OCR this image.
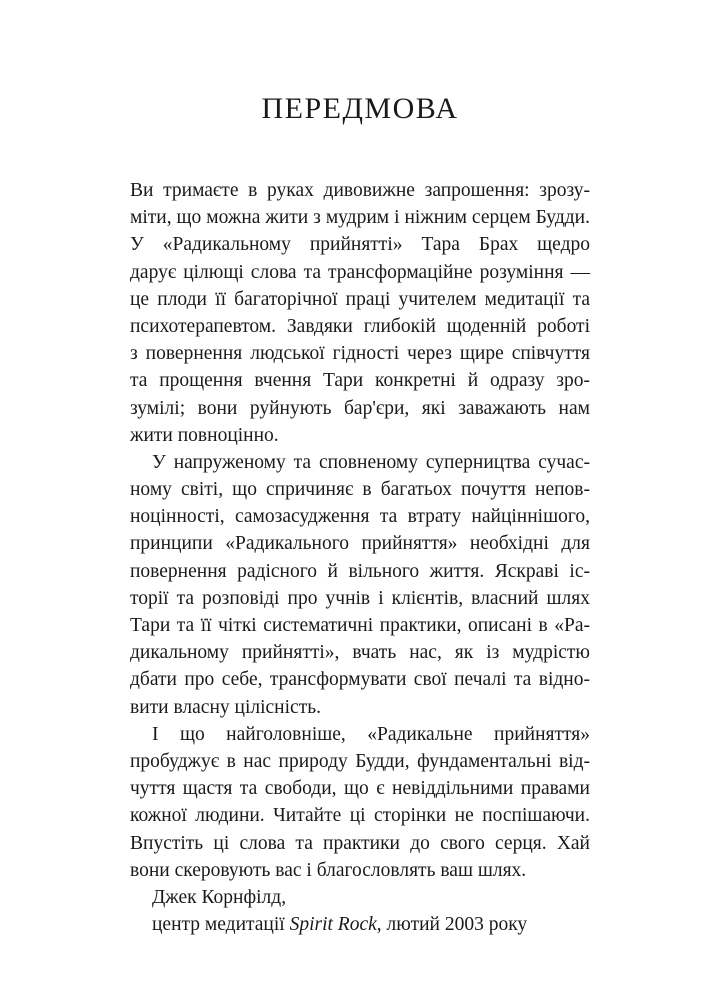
ПЕРЕДМОВА
Ви тримаєте в руках дивовижне запрошення: зрозу-
міти, що можна жити з мудрим і ніжним серцем Будди.
У «Радикальному прийнятті» Тара Брах щедро
дарує цілющі слова та трансформаційне розуміння —
це плоди її багаторічної праці учителем медитації та
психотерапевтом. Завдяки глибокій щоденній роботі
з повернення людської гідності через щире співчуття
та прощення вчення Тари конкретні й одразу зро-
зумілі; вони руйнують бар'єри, які заважають нам
жити повноцінно.
У напруженому та сповненому суперництва сучас-
ному світі, що спричиняє в багатьох почуття непов-
ноцінності, самозасудження та втрату найціннішого,
принципи «Радикального прийняття» необхідні для
повернення радісного й вільного життя. Яскраві іс-
торії та розповіді про учнів і клієнтів, власний шлях
Тари та її чіткі систематичні практики, описані в «Ра-
дикальному прийнятті», вчать нас, як із мудрістю
дбати про себе, трансформувати свої печалі та відно-
вити власну цілісність.
І що найголовніше, «Радикальне прийняття»
пробуджує в нас природу Будди, фундаментальні від-
чуття щастя та свободи, що є невіддільними правами
кожної людини. Читайте ці сторінки не поспішаючи.
Впустіть ці слова та практики до свого серця. Хай
вони скеровують вас і благословлять ваш шлях.
Джек Корнфілд,
центр медитації Spirit Rock, лютий 2003 року
